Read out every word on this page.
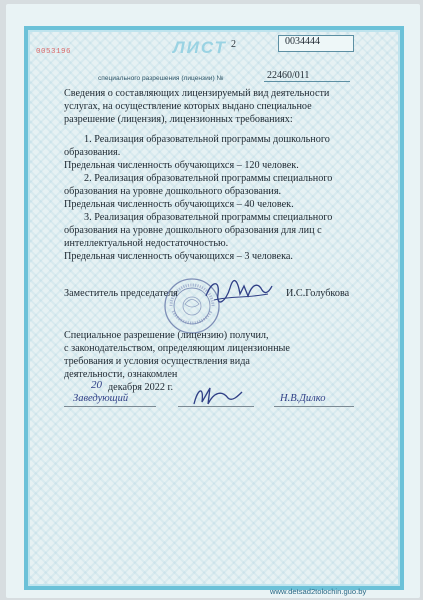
0053196	ЛИСТ 2	0034444
специального разрешения (лицензии) №	22460/011
Сведения о составляющих лицензируемый вид деятельности
услугах, на осуществление которых выдано специальное
разрешение (лицензия), лицензионных требованиях:
1. Реализация образовательной программы дошкольного
образования.
Предельная численность обучающихся – 120 человек.
2. Реализация образовательной программы специального
образования на уровне дошкольного образования.
Предельная численность обучающихся – 40 человек.
3. Реализация образовательной программы специального
образования на уровне дошкольного образования для лиц с
интеллектуальной недостаточностью.
Предельная численность обучающихся – 3 человека.
Заместитель председателя	И.С.Голубкова
Специальное разрешение (лицензию) получил,
с законодательством, определяющим лицензионные
требования и условия осуществления вида
деятельности, ознакомлен
20 декабря 2022 г.
Заведующий	Н.В.Дилко
www.detsad2tolochin.guo.by
